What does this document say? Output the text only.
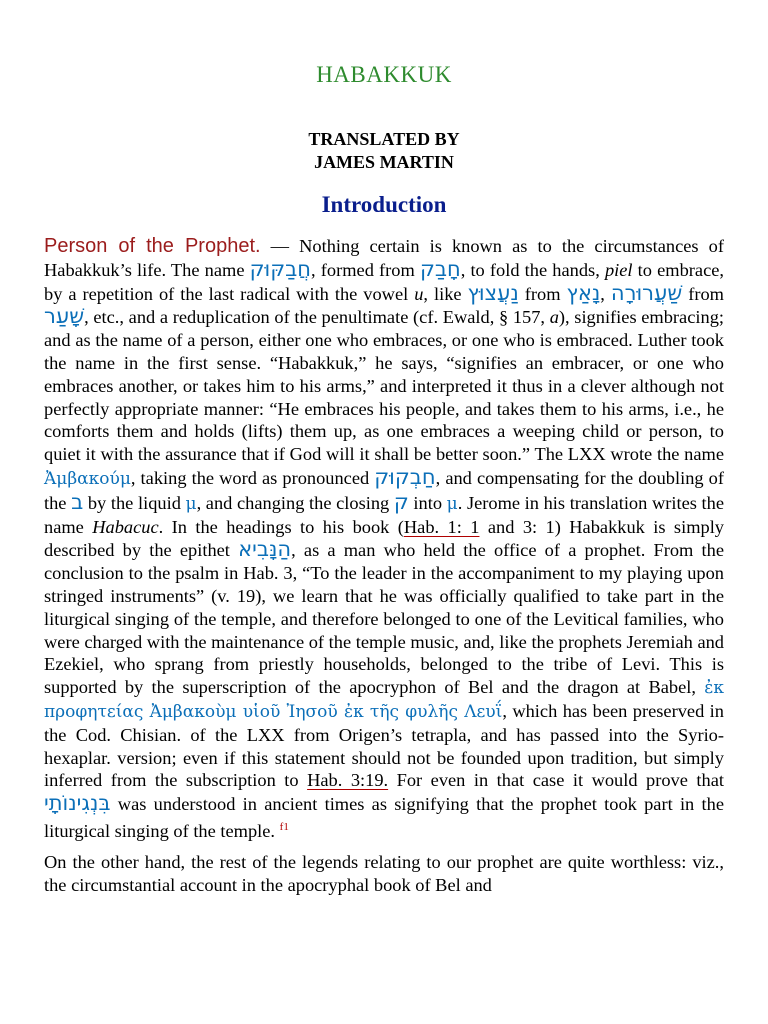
HABAKKUK
TRANSLATED BY
JAMES MARTIN
Introduction

Person of the Prophet. — Nothing certain is known as to the circumstances of Habakkuk’s life. The name חֲבַקּוּק, formed from חָבַק, to fold the hands, piel to embrace, by a repetition of the last radical with the vowel u, like נַעֲצוּץ from נָאַץ, שַׁעֲרוּרָה from שָׁעַר, etc., and a reduplication of the penultimate (cf. Ewald, § 157, a), signifies embracing; and as the name of a person, either one who embraces, or one who is embraced. Luther took the name in the first sense. “Habakkuk,” he says, “signifies an embracer, or one who embraces another, or takes him to his arms,” and interpreted it thus in a clever although not perfectly appropriate manner: “He embraces his people, and takes them to his arms, i.e., he comforts them and holds (lifts) them up, as one embraces a weeping child or person, to quiet it with the assurance that if God will it shall be better soon.” The LXX wrote the name Ἀμβακούμ, taking the word as pronounced חַבְקוּק, and compensating for the doubling of the ב by the liquid μ, and changing the closing ק into μ. Jerome in his translation writes the name Habacuc. In the headings to his book (Hab. 1: 1 and 3: 1) Habakkuk is simply described by the epithet הַנָּבִיא, as a man who held the office of a prophet. From the conclusion to the psalm in Hab. 3, “To the leader in the accompaniment to my playing upon stringed instruments” (v. 19), we learn that he was officially qualified to take part in the liturgical singing of the temple, and therefore belonged to one of the Levitical families, who were charged with the maintenance of the temple music, and, like the prophets Jeremiah and Ezekiel, who sprang from priestly households, belonged to the tribe of Levi. This is supported by the superscription of the apocryphon of Bel and the dragon at Babel, ἐκ προφητείας Ἀμβακοὺμ υἱοῦ Ἰησοῦ ἐκ τῆς φυλῆς Λευΐ, which has been preserved in the Cod. Chisian. of the LXX from Origen’s tetrapla, and has passed into the Syrio-hexaplar. version; even if this statement should not be founded upon tradition, but simply inferred from the subscription to Hab. 3:19. For even in that case it would prove that בִּנְגִינוֹתָי was understood in ancient times as signifying that the prophet took part in the liturgical singing of the temple. $^{f1}$

On the other hand, the rest of the legends relating to our prophet are quite worthless: viz., the circumstantial account in the apocryphal book of Bel and
